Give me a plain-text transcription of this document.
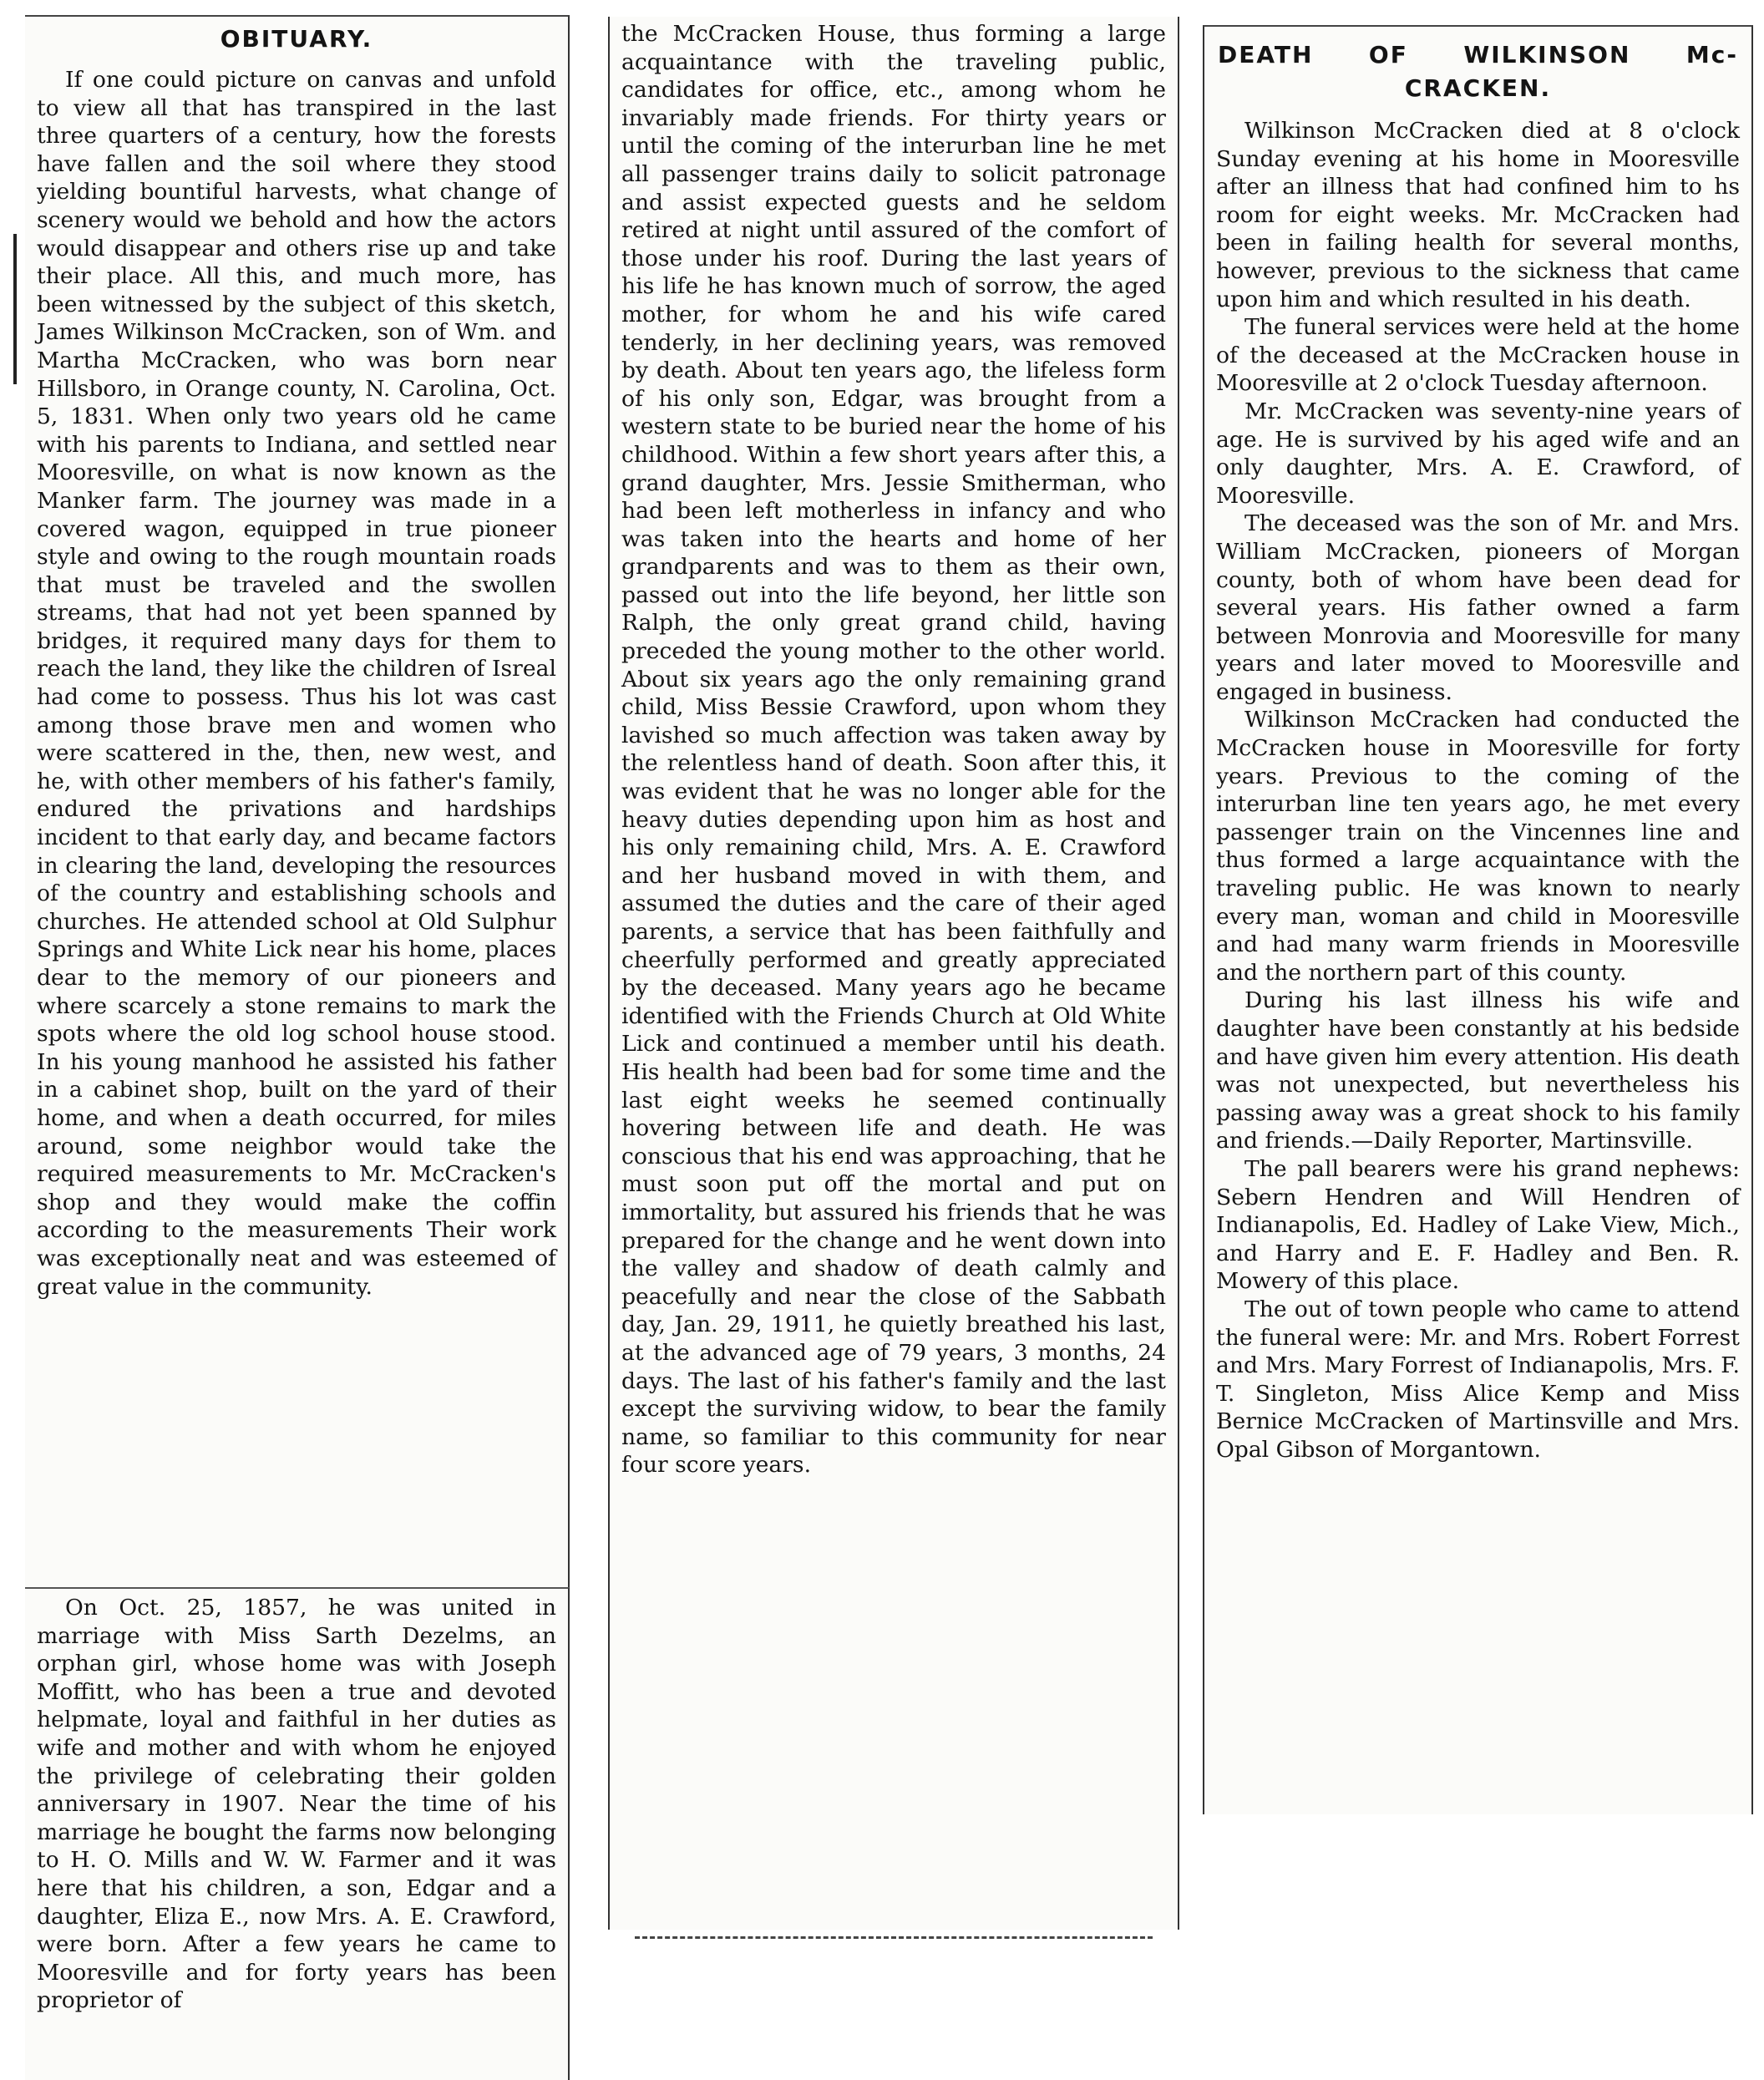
OBITUARY.

If one could picture on canvas and unfold to view all that has transpired in the last three quarters of a century, how the forests have fallen and the soil where they stood yielding bountiful harvests, what change of scenery would we behold and how the actors would disappear and others rise up and take their place. All this, and much more, has been witnessed by the subject of this sketch, James Wilkinson McCracken, son of Wm. and Martha McCracken, who was born near Hillsboro, in Orange county, N. Carolina, Oct. 5, 1831. When only two years old he came with his parents to Indiana, and settled near Mooresville, on what is now known as the Manker farm. The journey was made in a covered wagon, equipped in true pioneer style and owing to the rough mountain roads that must be traveled and the swollen streams, that had not yet been spanned by bridges, it required many days for them to reach the land, they like the children of Isreal had come to possess. Thus his lot was cast among those brave men and women who were scattered in the, then, new west, and he, with other members of his father's family, endured the privations and hardships incident to that early day, and became factors in clearing the land, developing the resources of the country and establishing schools and churches. He attended school at Old Sulphur Springs and White Lick near his home, places dear to the memory of our pioneers and where scarcely a stone remains to mark the spots where the old log school house stood. In his young manhood he assisted his father in a cabinet shop, built on the yard of their home, and when a death occurred, for miles around, some neighbor would take the required measurements to Mr. McCracken's shop and they would make the coffin according to the measurements Their work was exceptionally neat and was esteemed of great value in the community.

On Oct. 25, 1857, he was united in marriage with Miss Sarth Dezelms, an orphan girl, whose home was with Joseph Moffitt, who has been a true and devoted helpmate, loyal and faithful in her duties as wife and mother and with whom he enjoyed the privilege of celebrating their golden anniversary in 1907. Near the time of his marriage he bought the farms now belonging to H. O. Mills and W. W. Farmer and it was here that his children, a son, Edgar and a daughter, Eliza E., now Mrs. A. E. Crawford, were born. After a few years he came to Mooresville and for forty years has been proprietor of

the McCracken House, thus forming a large acquaintance with the traveling public, candidates for office, etc., among whom he invariably made friends. For thirty years or until the coming of the interurban line he met all passenger trains daily to solicit patronage and assist expected guests and he seldom retired at night until assured of the comfort of those under his roof. During the last years of his life he has known much of sorrow, the aged mother, for whom he and his wife cared tenderly, in her declining years, was removed by death. About ten years ago, the lifeless form of his only son, Edgar, was brought from a western state to be buried near the home of his childhood. Within a few short years after this, a grand daughter, Mrs. Jessie Smitherman, who had been left motherless in infancy and who was taken into the hearts and home of her grandparents and was to them as their own, passed out into the life beyond, her little son Ralph, the only great grand child, having preceded the young mother to the other world. About six years ago the only remaining grand child, Miss Bessie Crawford, upon whom they lavished so much affection was taken away by the relentless hand of death. Soon after this, it was evident that he was no longer able for the heavy duties depending upon him as host and his only remaining child, Mrs. A. E. Crawford and her husband moved in with them, and assumed the duties and the care of their aged parents, a service that has been faithfully and cheerfully performed and greatly appreciated by the deceased. Many years ago he became identified with the Friends Church at Old White Lick and continued a member until his death. His health had been bad for some time and the last eight weeks he seemed continually hovering between life and death. He was conscious that his end was approaching, that he must soon put off the mortal and put on immortality, but assured his friends that he was prepared for the change and he went down into the valley and shadow of death calmly and peacefully and near the close of the Sabbath day, Jan. 29, 1911, he quietly breathed his last, at the advanced age of 79 years, 3 months, 24 days. The last of his father's family and the last except the surviving widow, to bear the family name, so familiar to this community for near four score years.

DEATH OF WILKINSON Mc-
CRACKEN.

Wilkinson McCracken died at 8 o'clock Sunday evening at his home in Mooresville after an illness that had confined him to hs room for eight weeks. Mr. McCracken had been in failing health for several months, however, previous to the sickness that came upon him and which resulted in his death.

The funeral services were held at the home of the deceased at the McCracken house in Mooresville at 2 o'clock Tuesday afternoon.

Mr. McCracken was seventy-nine years of age. He is survived by his aged wife and an only daughter, Mrs. A. E. Crawford, of Mooresville.

The deceased was the son of Mr. and Mrs. William McCracken, pioneers of Morgan county, both of whom have been dead for several years. His father owned a farm between Monrovia and Mooresville for many years and later moved to Mooresville and engaged in business.

Wilkinson McCracken had conducted the McCracken house in Mooresville for forty years. Previous to the coming of the interurban line ten years ago, he met every passenger train on the Vincennes line and thus formed a large acquaintance with the traveling public. He was known to nearly every man, woman and child in Mooresville and had many warm friends in Mooresville and the northern part of this county.

During his last illness his wife and daughter have been constantly at his bedside and have given him every attention. His death was not unexpected, but nevertheless his passing away was a great shock to his family and friends.—Daily Reporter, Martinsville.

The pall bearers were his grand nephews: Sebern Hendren and Will Hendren of Indianapolis, Ed. Hadley of Lake View, Mich., and Harry and E. F. Hadley and Ben. R. Mowery of this place.

The out of town people who came to attend the funeral were: Mr. and Mrs. Robert Forrest and Mrs. Mary Forrest of Indianapolis, Mrs. F. T. Singleton, Miss Alice Kemp and Miss Bernice McCracken of Martinsville and Mrs. Opal Gibson of Morgantown.
